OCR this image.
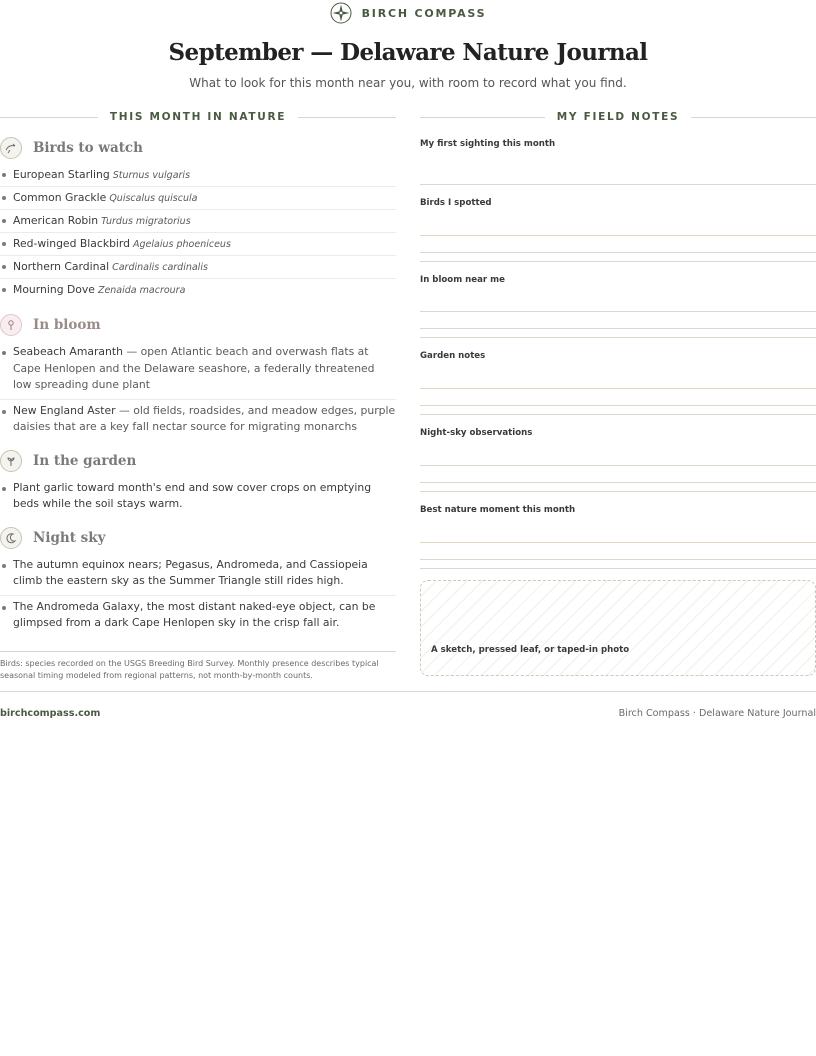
BIRCH COMPASS
September — Delaware Nature Journal
What to look for this month near you, with room to record what you find.
THIS MONTH IN NATURE	MY FIELD NOTES
Birds to watch
European Starling Sturnus vulgaris
Common Grackle Quiscalus quiscula
American Robin Turdus migratorius
Red-winged Blackbird Agelaius phoeniceus
Northern Cardinal Cardinalis cardinalis
Mourning Dove Zenaida macroura
In bloom
Seabeach Amaranth — open Atlantic beach and overwash flats at Cape Henlopen and the Delaware seashore, a federally threatened low spreading dune plant
New England Aster — old fields, roadsides, and meadow edges, purple daisies that are a key fall nectar source for migrating monarchs
In the garden
Plant garlic toward month's end and sow cover crops on emptying beds while the soil stays warm.
Night sky
The autumn equinox nears; Pegasus, Andromeda, and Cassiopeia climb the eastern sky as the Summer Triangle still rides high.
The Andromeda Galaxy, the most distant naked-eye object, can be glimpsed from a dark Cape Henlopen sky in the crisp fall air.
Birds: species recorded on the USGS Breeding Bird Survey. Monthly presence describes typical seasonal timing modeled from regional patterns, not month-by-month counts.
My first sighting this month
Birds I spotted
In bloom near me
Garden notes
Night-sky observations
Best nature moment this month
A sketch, pressed leaf, or taped-in photo
birchcompass.com	Birch Compass · Delaware Nature Journal
